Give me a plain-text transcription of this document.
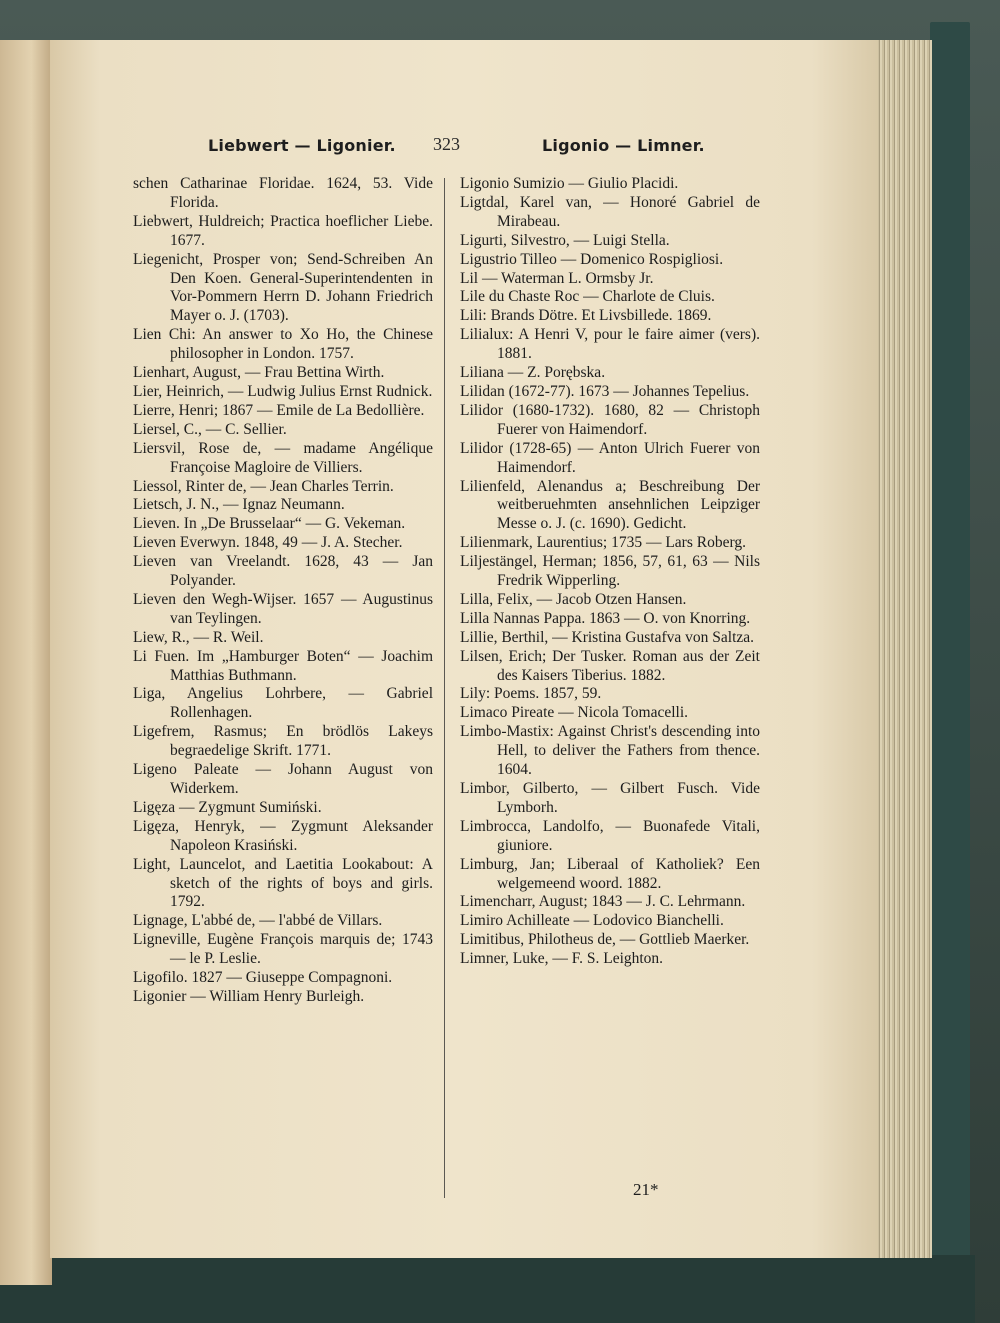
Liebwert — Ligonier. 323	Ligonio — Limner.
schen Catharinae Floridae. 1624, 53. Vide Florida.
Liebwert, Huldreich; Practica hoeflicher Liebe. 1677.
Liegenicht, Prosper von; Send-Schreiben An Den Koen. General-Superintendenten in Vor-Pommern Herrn D. Johann Friedrich Mayer o. J. (1703).
Lien Chi: An answer to Xo Ho, the Chinese philosopher in London. 1757.
Lienhart, August, — Frau Bettina Wirth.
Lier, Heinrich, — Ludwig Julius Ernst Rudnick.
Lierre, Henri; 1867 — Emile de La Bedollière.
Liersel, C., — C. Sellier.
Liersvil, Rose de, — madame Angélique Françoise Magloire de Villiers.
Liessol, Rinter de, — Jean Charles Terrin.
Lietsch, J. N., — Ignaz Neumann.
Lieven. In „De Brusselaar“ — G. Vekeman.
Lieven Everwyn. 1848, 49 — J. A. Stecher.
Lieven van Vreelandt. 1628, 43 — Jan Polyander.
Lieven den Wegh-Wijser. 1657 — Augustinus van Teylingen.
Liew, R., — R. Weil.
Li Fuen. Im „Hamburger Boten“ — Joachim Matthias Buthmann.
Liga, Angelius Lohrbere, — Gabriel Rollenhagen.
Ligefrem, Rasmus; En brödlös Lakeys begraedelige Skrift. 1771.
Ligeno Paleate — Johann August von Widerkem.
Ligęza — Zygmunt Sumiński.
Ligęza, Henryk, — Zygmunt Aleksander Napoleon Krasiński.
Light, Launcelot, and Laetitia Lookabout: A sketch of the rights of boys and girls. 1792.
Lignage, L'abbé de, — l'abbé de Villars.
Ligneville, Eugène François marquis de; 1743 — le P. Leslie.
Ligofilo. 1827 — Giuseppe Compagnoni.
Ligonier — William Henry Burleigh.
Ligonio Sumizio — Giulio Placidi.
Ligtdal, Karel van, — Honoré Gabriel de Mirabeau.
Ligurti, Silvestro, — Luigi Stella.
Ligustrio Tilleo — Domenico Rospigliosi.
Lil — Waterman L. Ormsby Jr.
Lile du Chaste Roc — Charlote de Cluis.
Lili: Brands Dötre. Et Livsbillede. 1869.
Lilialux: A Henri V, pour le faire aimer (vers). 1881.
Liliana — Z. Porębska.
Lilidan (1672-77). 1673 — Johannes Tepelius.
Lilidor (1680-1732). 1680, 82 — Christoph Fuerer von Haimendorf.
Lilidor (1728-65) — Anton Ulrich Fuerer von Haimendorf.
Lilienfeld, Alenandus a; Beschreibung Der weitberuehmten ansehnlichen Leipziger Messe o. J. (c. 1690). Gedicht.
Lilienmark, Laurentius; 1735 — Lars Roberg.
Liljestängel, Herman; 1856, 57, 61, 63 — Nils Fredrik Wipperling.
Lilla, Felix, — Jacob Otzen Hansen.
Lilla Nannas Pappa. 1863 — O. von Knorring.
Lillie, Berthil, — Kristina Gustafva von Saltza.
Lilsen, Erich; Der Tusker. Roman aus der Zeit des Kaisers Tiberius. 1882.
Lily: Poems. 1857, 59.
Limaco Pireate — Nicola Tomacelli.
Limbo-Mastix: Against Christ's descending into Hell, to deliver the Fathers from thence. 1604.
Limbor, Gilberto, — Gilbert Fusch. Vide Lymborh.
Limbrocca, Landolfo, — Buonafede Vitali, giuniore.
Limburg, Jan; Liberaal of Katholiek? Een welgemeend woord. 1882.
Limencharr, August; 1843 — J. C. Lehrmann.
Limiro Achilleate — Lodovico Bianchelli.
Limitibus, Philotheus de, — Gottlieb Maerker.
Limner, Luke, — F. S. Leighton.
21*
